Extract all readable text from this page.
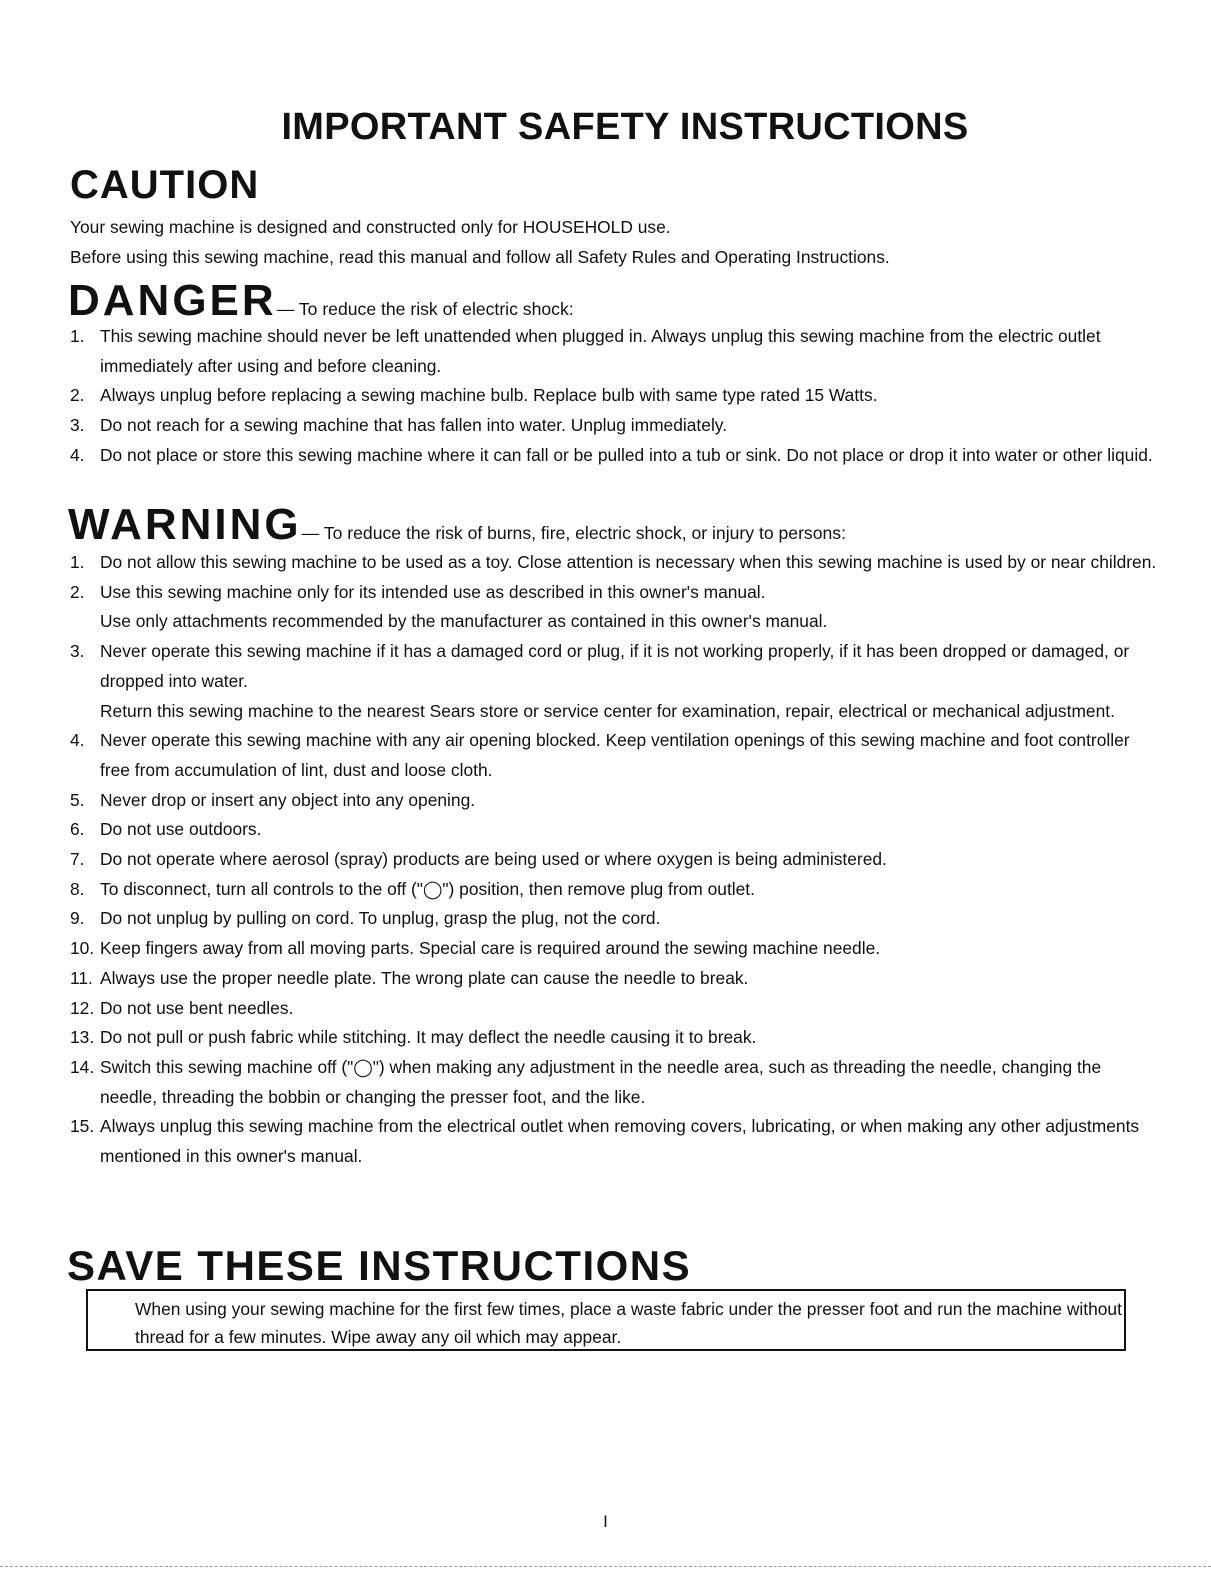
IMPORTANT SAFETY INSTRUCTIONS
CAUTION
Your sewing machine is designed and constructed only for HOUSEHOLD use.
Before using this sewing machine, read this manual and follow all Safety Rules and Operating Instructions.
DANGER— To reduce the risk of electric shock:
1. This sewing machine should never be left unattended when plugged in. Always unplug this sewing machine from the electric outlet immediately after using and before cleaning.
2. Always unplug before replacing a sewing machine bulb. Replace bulb with same type rated 15 Watts.
3. Do not reach for a sewing machine that has fallen into water. Unplug immediately.
4. Do not place or store this sewing machine where it can fall or be pulled into a tub or sink. Do not place or drop it into water or other liquid.
WARNING— To reduce the risk of burns, fire, electric shock, or injury to persons:
1. Do not allow this sewing machine to be used as a toy. Close attention is necessary when this sewing machine is used by or near children.
2. Use this sewing machine only for its intended use as described in this owner's manual.
Use only attachments recommended by the manufacturer as contained in this owner's manual.
3. Never operate this sewing machine if it has a damaged cord or plug, if it is not working properly, if it has been dropped or damaged, or dropped into water.
Return this sewing machine to the nearest Sears store or service center for examination, repair, electrical or mechanical adjustment.
4. Never operate this sewing machine with any air opening blocked. Keep ventilation openings of this sewing machine and foot controller free from accumulation of lint, dust and loose cloth.
5. Never drop or insert any object into any opening.
6. Do not use outdoors.
7. Do not operate where aerosol (spray) products are being used or where oxygen is being administered.
8. To disconnect, turn all controls to the off ("◯") position, then remove plug from outlet.
9. Do not unplug by pulling on cord. To unplug, grasp the plug, not the cord.
10. Keep fingers away from all moving parts. Special care is required around the sewing machine needle.
11. Always use the proper needle plate. The wrong plate can cause the needle to break.
12. Do not use bent needles.
13. Do not pull or push fabric while stitching. It may deflect the needle causing it to break.
14. Switch this sewing machine off ("◯") when making any adjustment in the needle area, such as threading the needle, changing the needle, threading the bobbin or changing the presser foot, and the like.
15. Always unplug this sewing machine from the electrical outlet when removing covers, lubricating, or when making any other adjustments mentioned in this owner's manual.
SAVE THESE INSTRUCTIONS
When using your sewing machine for the first few times, place a waste fabric under the presser foot and run the machine without thread for a few minutes. Wipe away any oil which may appear.
I
